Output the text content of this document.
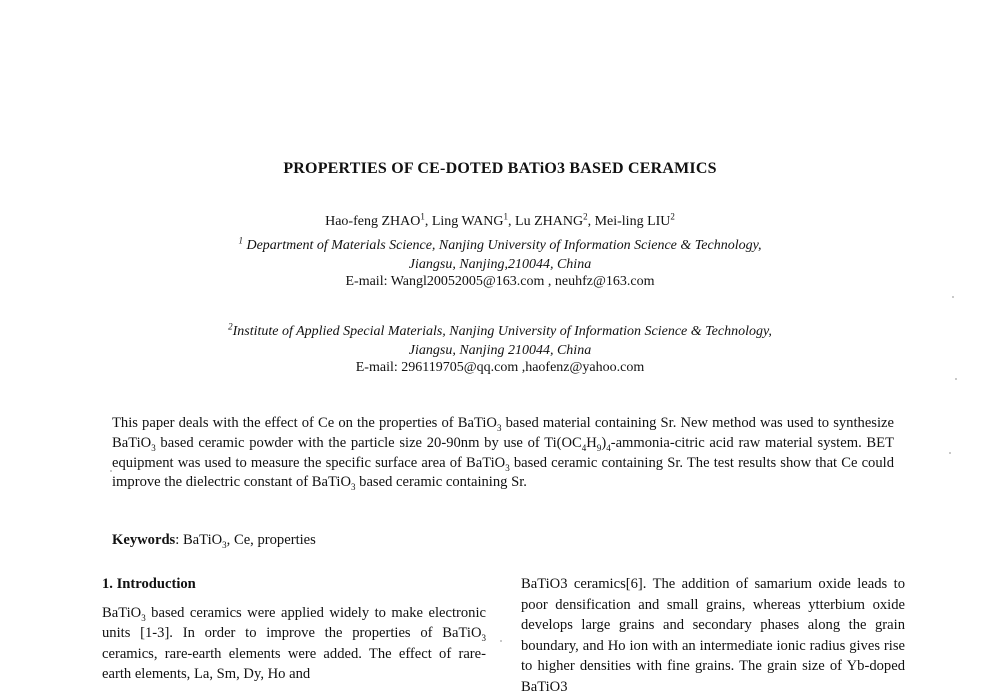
PROPERTIES OF CE-DOTED BATiO3 BASED CERAMICS
Hao-feng ZHAO$^1$, Ling WANG$^1$, Lu ZHANG$^2$, Mei-ling LIU$^2$
$^1$ Department of Materials Science, Nanjing University of Information Science & Technology,
Jiangsu, Nanjing,210044, China
E-mail: Wangl20052005@163.com , neuhfz@163.com
$^2$Institute of Applied Special Materials, Nanjing University of Information Science & Technology,
Jiangsu, Nanjing 210044, China
E-mail: 296119705@qq.com ,haofenz@yahoo.com
This paper deals with the effect of Ce on the properties of BaTiO$_3$ based material containing Sr. New method was used to synthesize BaTiO$_3$ based ceramic powder with the particle size 20-90nm by use of $Ti(OC_4H_9)_4-ammonia$-citric acid raw material system. BET equipment was used to measure the specific surface area of BaTiO$_3$ based ceramic containing Sr. The test results show that Ce could improve the dielectric constant of BaTiO$_3$ based ceramic containing Sr.
Keywords: BaTiO$_3$, Ce, properties
1. Introduction
BaTiO$_3$ based ceramics were applied widely to make electronic units [1-3]. In order to improve the properties of BaTiO$_3$ ceramics, rare-earth elements were added. The effect of rare-earth elements, La, Sm, Dy, Ho and
BaTiO3 ceramics[6]. The addition of samarium oxide leads to poor densification and small grains, whereas ytterbium oxide develops large grains and secondary phases along the grain boundary, and Ho ion with an intermediate ionic radius gives rise to higher densities with fine grains. The grain size of Yb-doped BaTiO3
